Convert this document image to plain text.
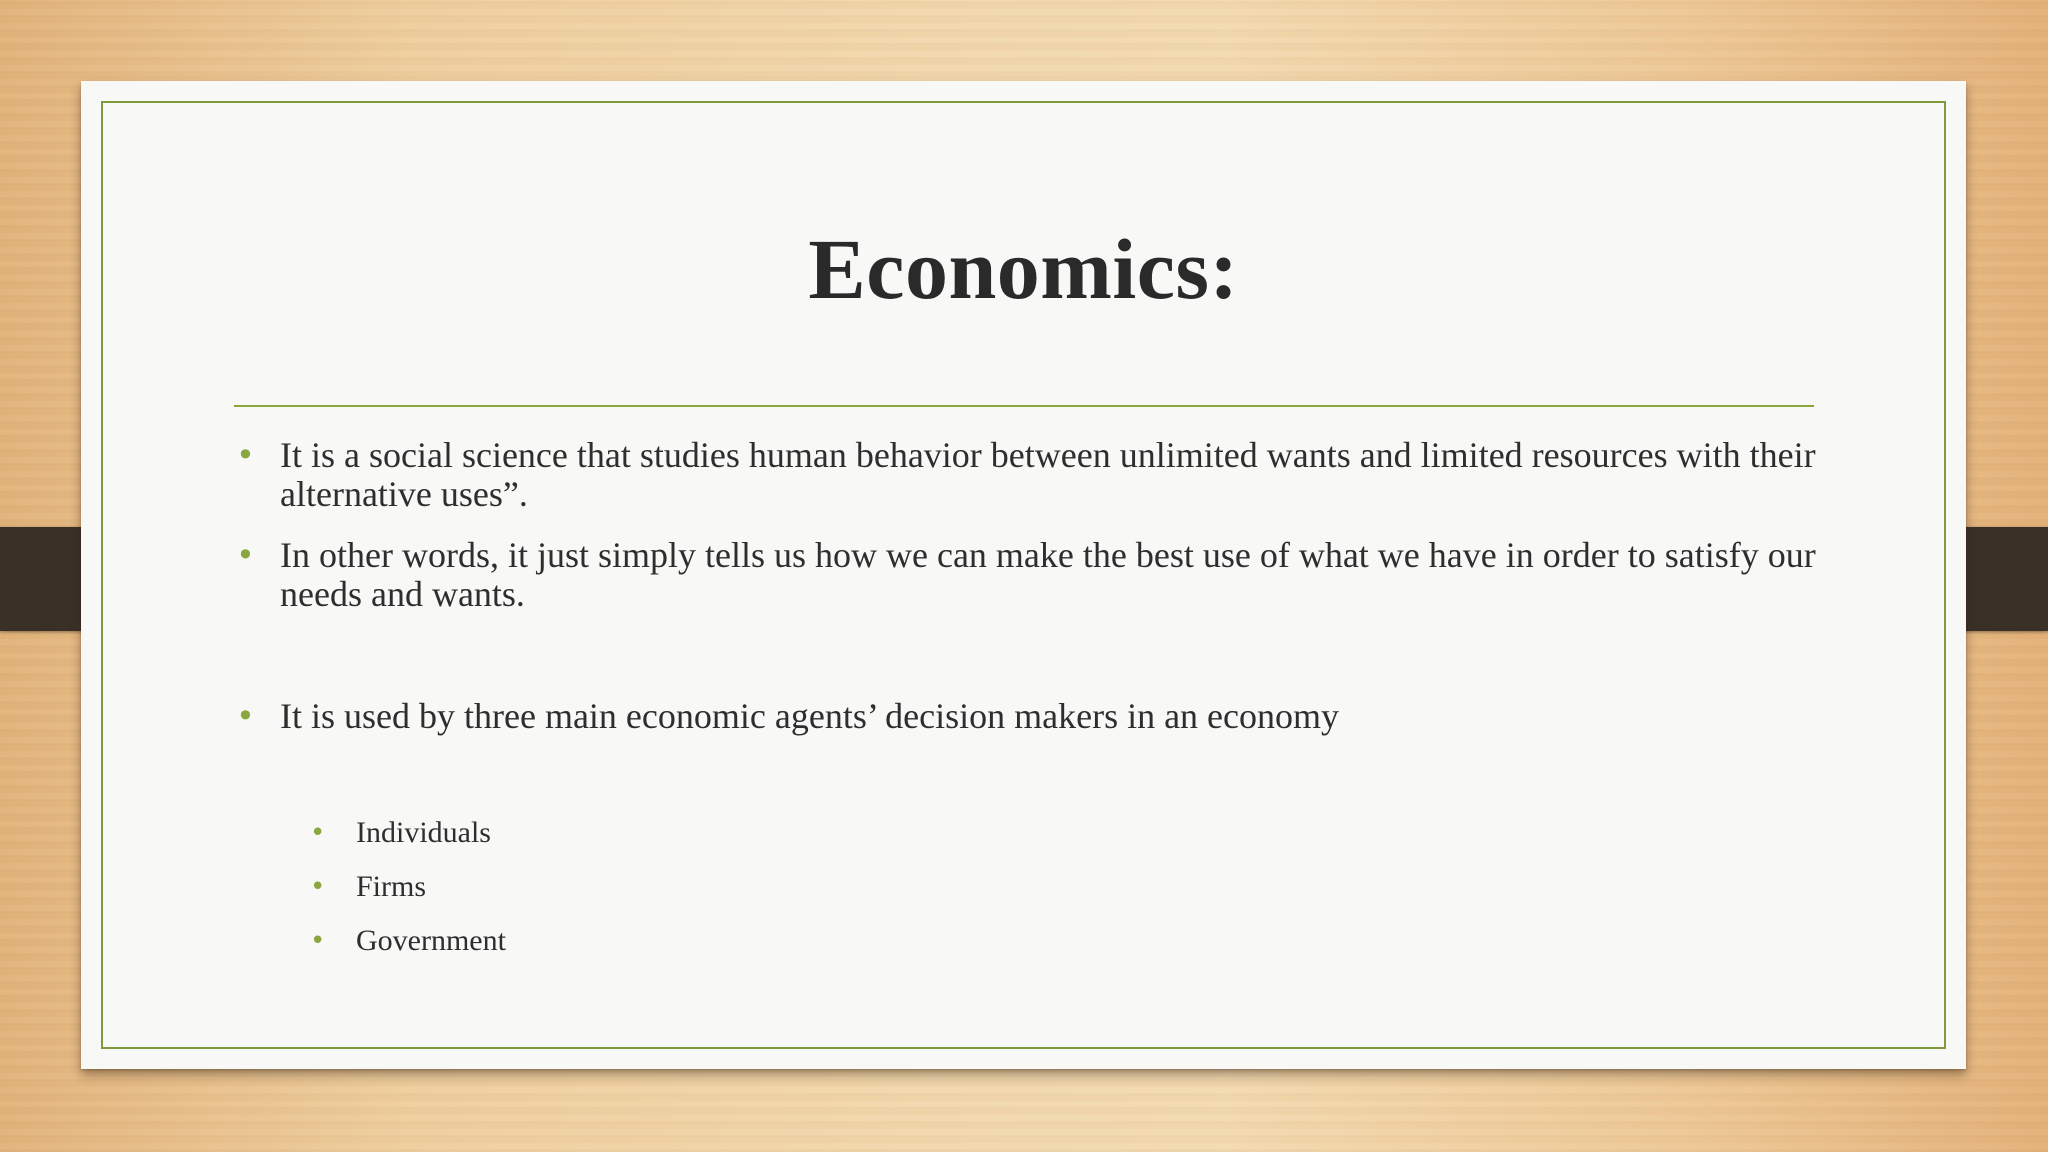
Economics:
• It is a social science that studies human behavior between unlimited wants and limited resources with their alternative uses”.
• In other words, it just simply tells us how we can make the best use of what we have in order to satisfy our needs and wants.
• It is used by three main economic agents’ decision makers in an economy
• Individuals
• Firms
• Government
